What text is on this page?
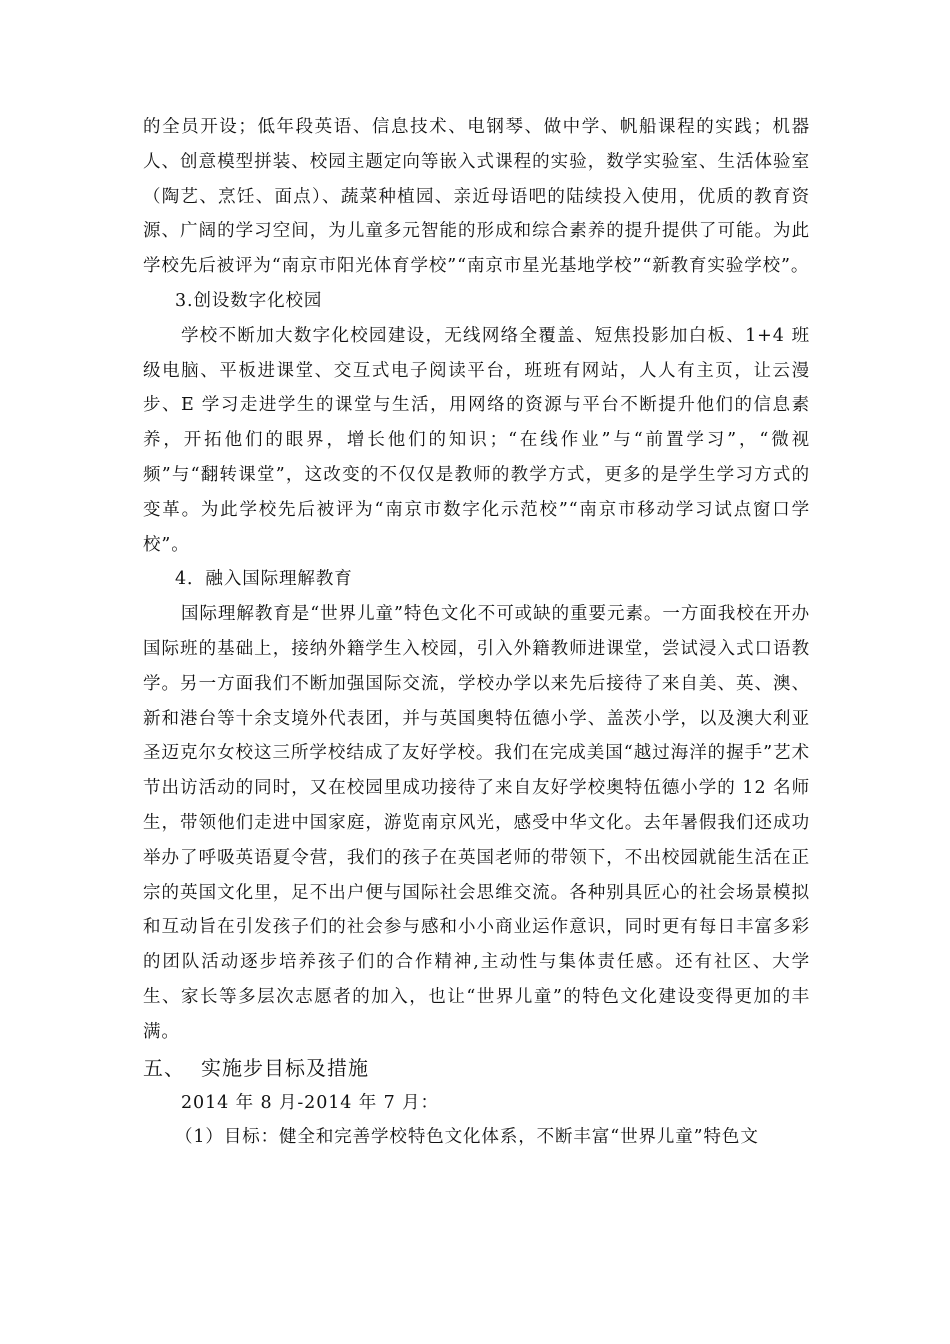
的全员开设；低年段英语、信息技术、电钢琴、做中学、帆船课程的实践；机器人、创意模型拼装、校园主题定向等嵌入式课程的实验，数学实验室、生活体验室（陶艺、烹饪、面点）、蔬菜种植园、亲近母语吧的陆续投入使用，优质的教育资源、广阔的学习空间，为儿童多元智能的形成和综合素养的提升提供了可能。为此学校先后被评为“南京市阳光体育学校”“南京市星光基地学校”“新教育实验学校”。

3.创设数字化校园

学校不断加大数字化校园建设，无线网络全覆盖、短焦投影加白板、1+4 班级电脑、平板进课堂、交互式电子阅读平台，班班有网站，人人有主页，让云漫步、E 学习走进学生的课堂与生活，用网络的资源与平台不断提升他们的信息素养，开拓他们的眼界，增长他们的知识；“在线作业”与“前置学习”，“微视频”与“翻转课堂”，这改变的不仅仅是教师的教学方式，更多的是学生学习方式的变革。为此学校先后被评为“南京市数字化示范校”“南京市移动学习试点窗口学校”。

4．融入国际理解教育

国际理解教育是“世界儿童”特色文化不可或缺的重要元素。一方面我校在开办国际班的基础上，接纳外籍学生入校园，引入外籍教师进课堂，尝试浸入式口语教学。另一方面我们不断加强国际交流，学校办学以来先后接待了来自美、英、澳、新和港台等十余支境外代表团，并与英国奥特伍德小学、盖茨小学，以及澳大利亚圣迈克尔女校这三所学校结成了友好学校。我们在完成美国“越过海洋的握手”艺术节出访活动的同时，又在校园里成功接待了来自友好学校奥特伍德小学的 12 名师生，带领他们走进中国家庭，游览南京风光，感受中华文化。去年暑假我们还成功举办了呼吸英语夏令营，我们的孩子在英国老师的带领下，不出校园就能生活在正宗的英国文化里，足不出户便与国际社会思维交流。各种别具匠心的社会场景模拟和互动旨在引发孩子们的社会参与感和小小商业运作意识，同时更有每日丰富多彩的团队活动逐步培养孩子们的合作精神,主动性与集体责任感。还有社区、大学生、家长等多层次志愿者的加入，也让“世界儿童”的特色文化建设变得更加的丰满。

五、 实施步目标及措施

2014 年 8 月-2014 年 7 月：

（1）目标：健全和完善学校特色文化体系，不断丰富“世界儿童”特色文
